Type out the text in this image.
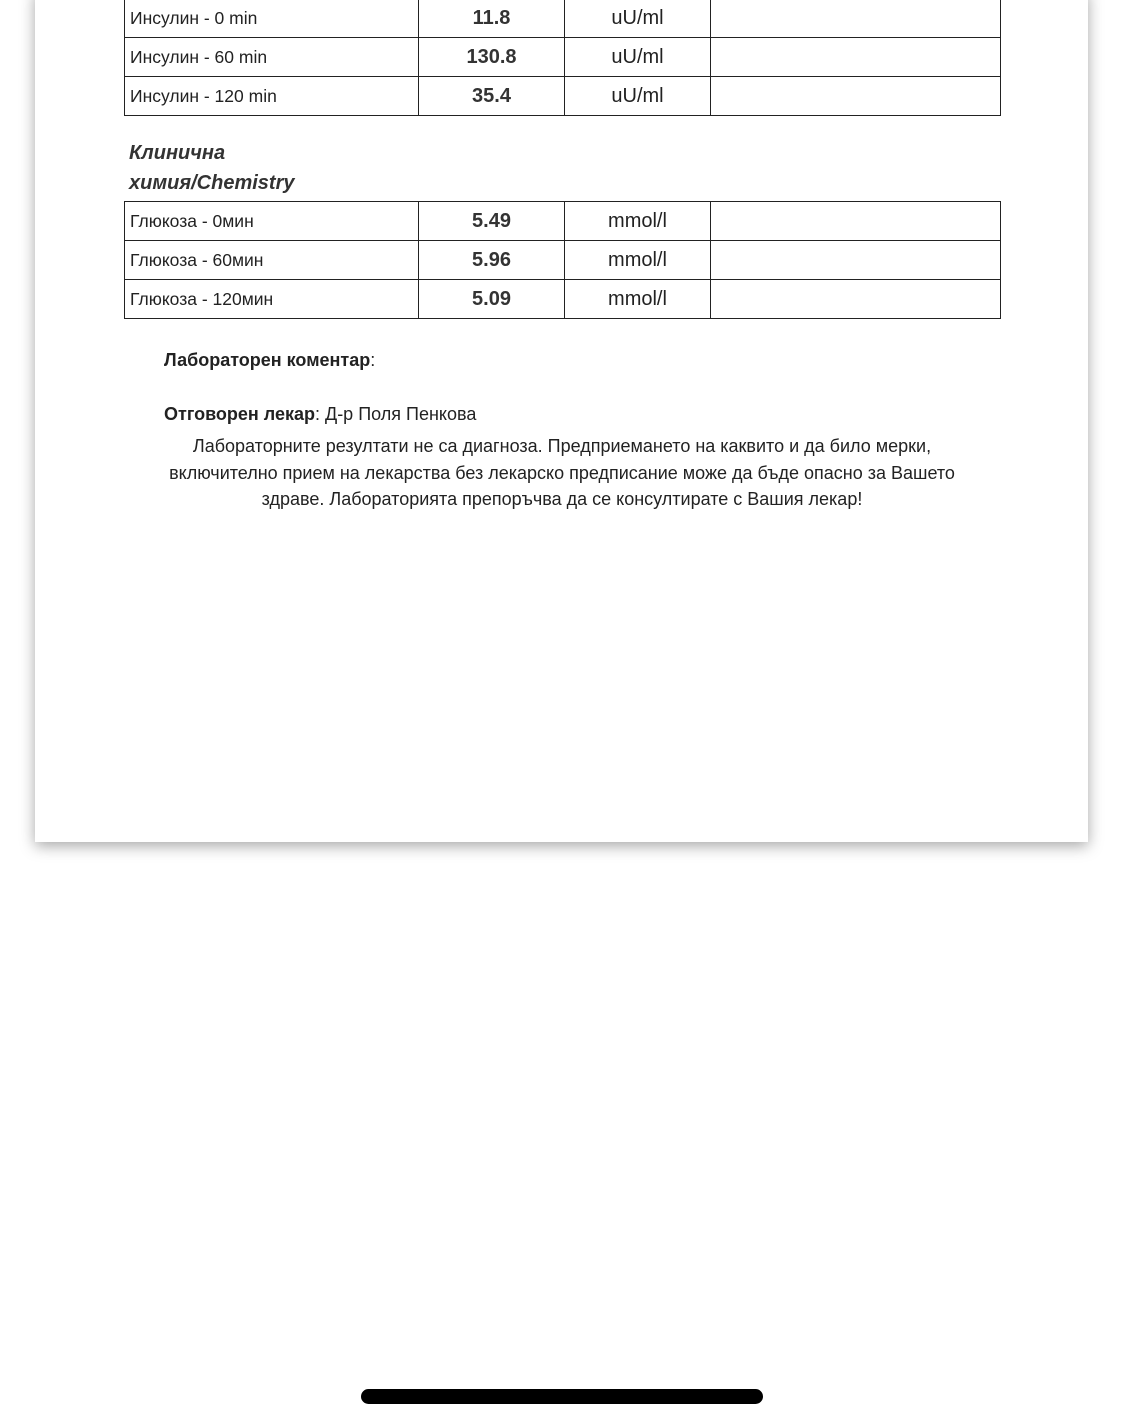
Инсулин - 0 min	11.8	uU/ml	
Инсулин - 60 min	130.8	uU/ml	
Инсулин - 120 min	35.4	uU/ml	
Клинична
химия/Chemistry
Глюкоза - 0мин	5.49	mmol/l	
Глюкоза - 60мин	5.96	mmol/l	
Глюкоза - 120мин	5.09	mmol/l	
Лабораторен коментар:
Отговорен лекар: Д-р Поля Пенкова
Лабораторните резултати не са диагноза. Предприемането на каквито и да било мерки, включително прием на лекарства без лекарско предписание може да бъде опасно за Вашето здраве. Лабораторията препоръчва да се консултирате с Вашия лекар!
